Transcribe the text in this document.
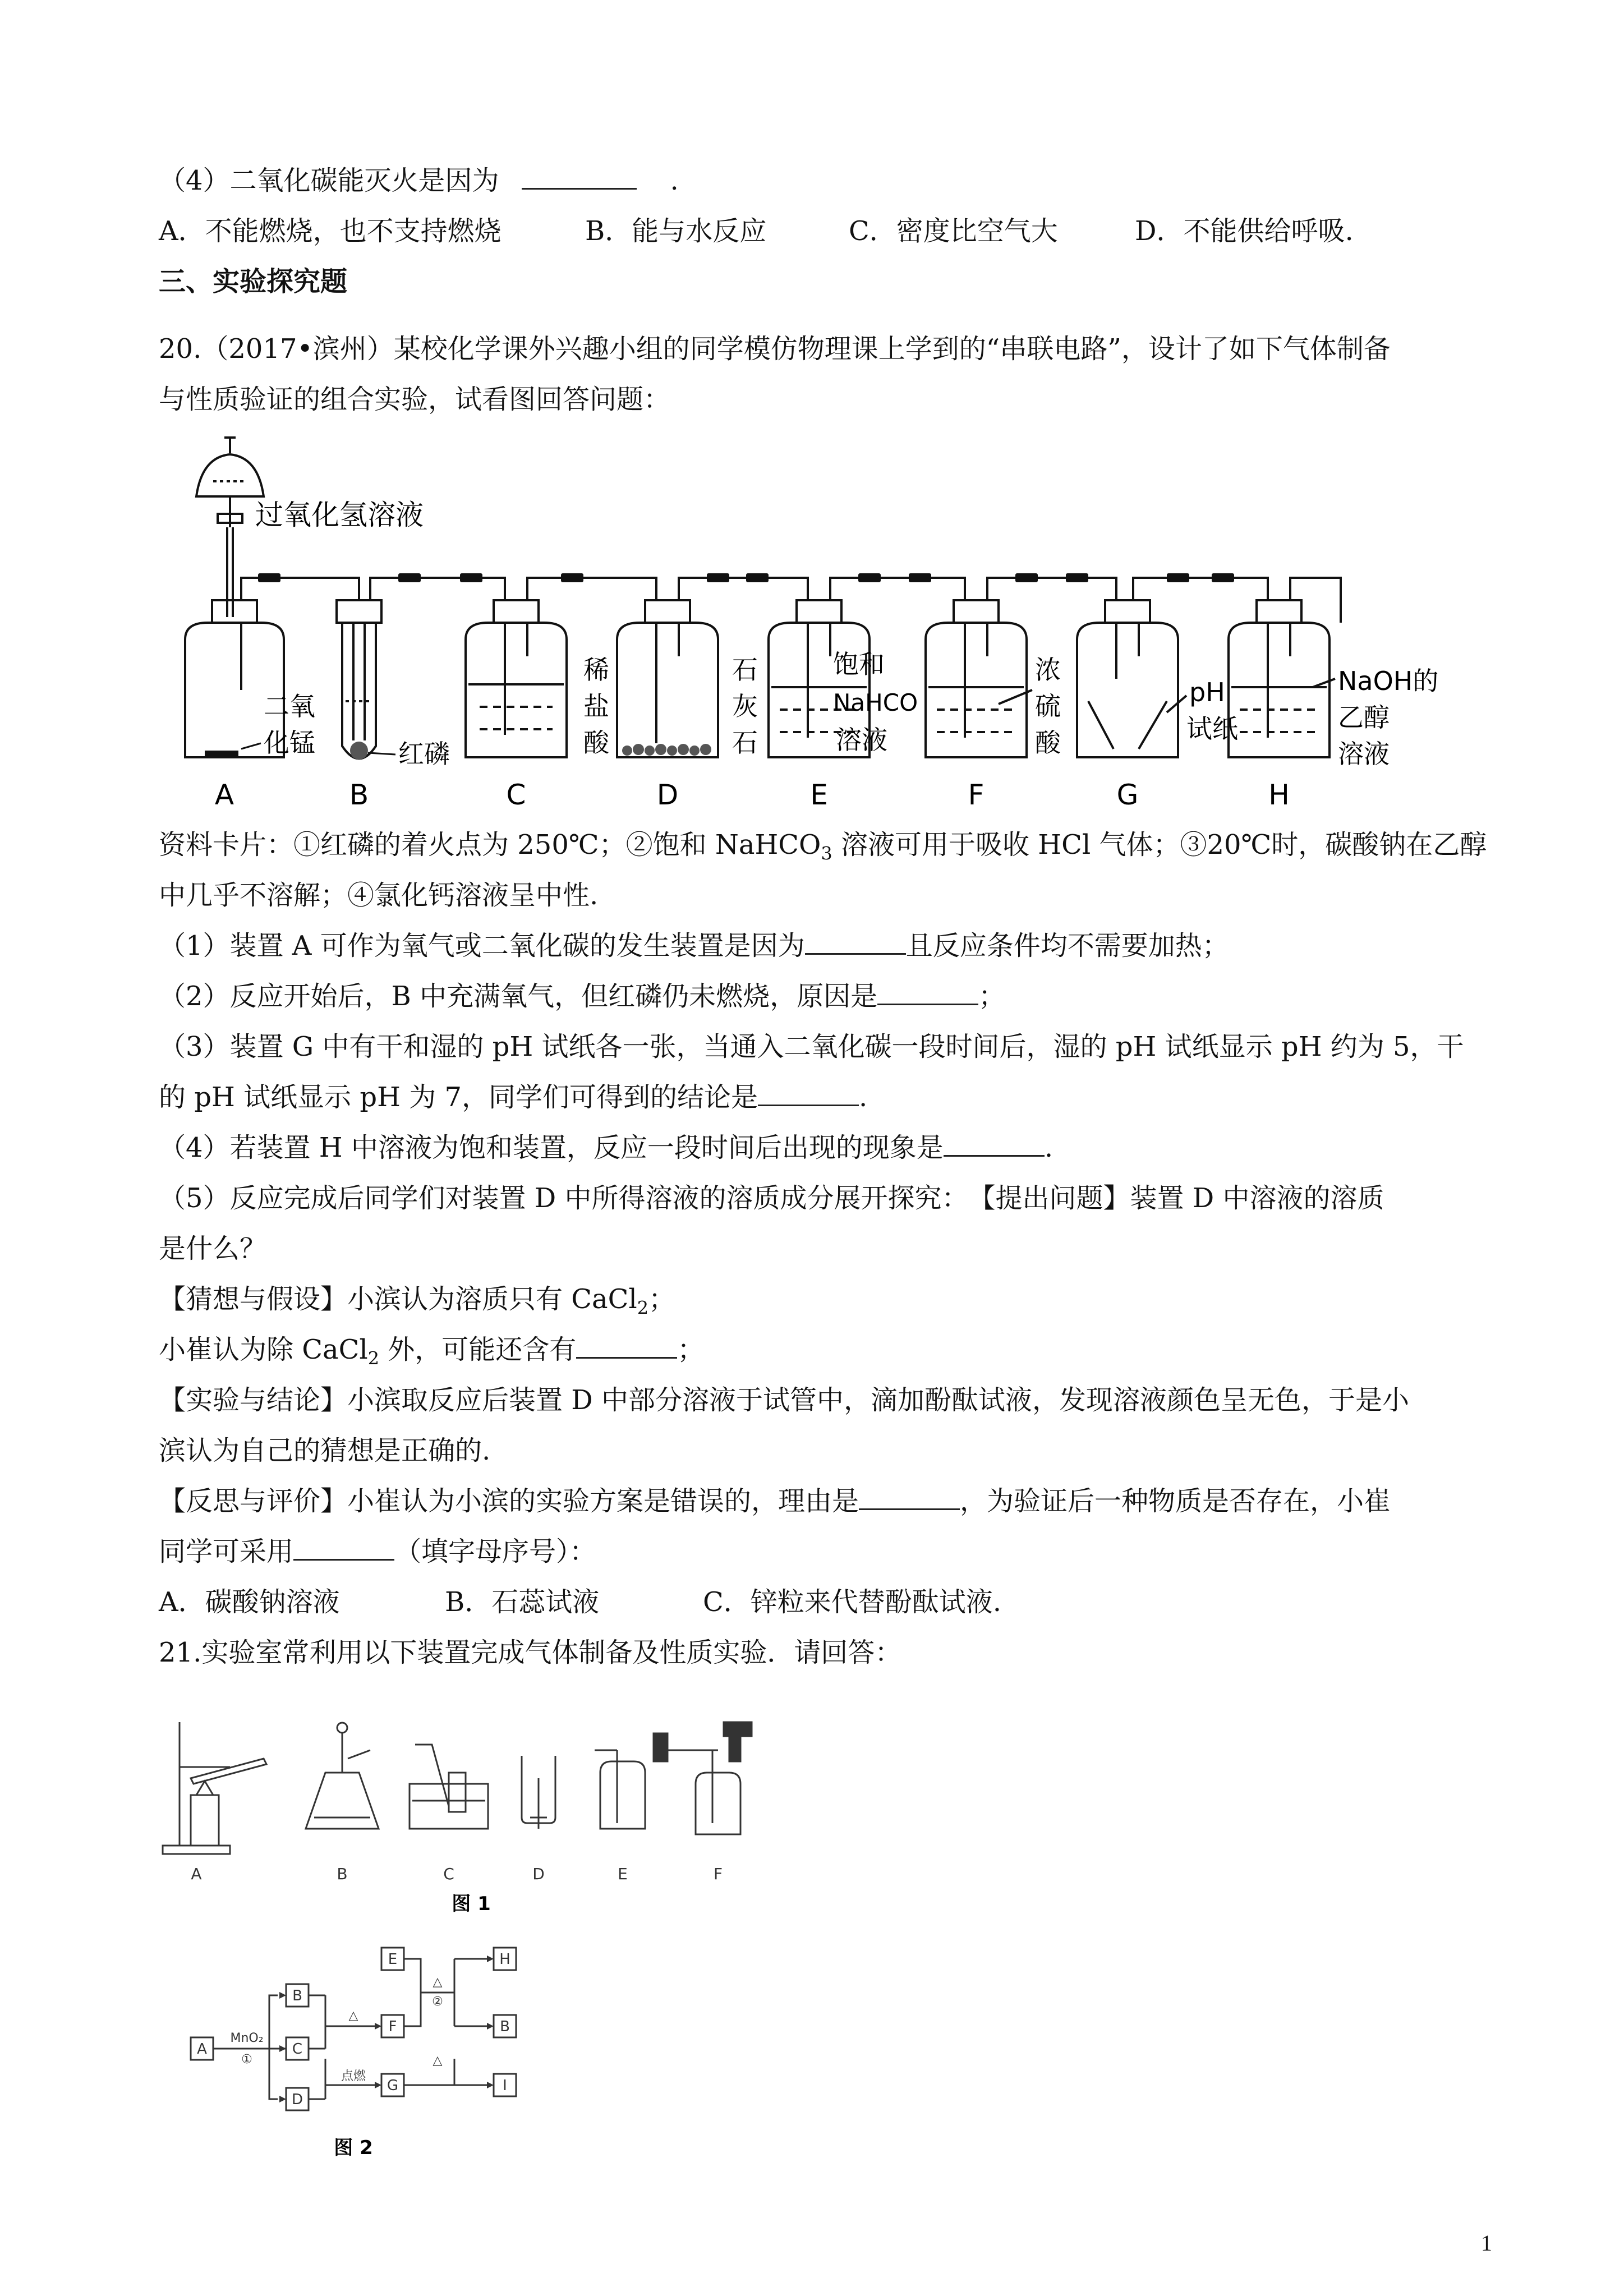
（4）二氧化碳能灭火是因为	.
A．不能燃烧，也不支持燃烧	B．能与水反应	C．密度比空气大	D．不能供给呼吸.
三、实验探究题
20.（2017•滨州）某校化学课外兴趣小组的同学模仿物理课上学到的“串联电路”，设计了如下气体制备
与性质验证的组合实验，试看图回答问题：
A
二氧
化锰
B
红磷
C
稀
盐
酸
D
石
灰
石
E
饱和
NaHCO
溶液
F
浓
硫
酸
G
pH
试纸
H
NaOH的
乙醇
溶液
过氧化氢溶液
资料卡片：①红磷的着火点为 250℃；②饱和 NaHCO$_3$ 溶液可用于吸收 HCl 气体；③20℃时，碳酸钠在乙醇
中几乎不溶解；④氯化钙溶液呈中性.
（1）装置 A 可作为氧气或二氧化碳的发生装置是因为	且反应条件均不需要加热；
（2）反应开始后，B 中充满氧气，但红磷仍未燃烧，原因是	；
（3）装置 G 中有干和湿的 pH 试纸各一张，当通入二氧化碳一段时间后，湿的 pH 试纸显示 pH 约为 5，干
的 pH 试纸显示 pH 为 7，同学们可得到的结论是	.
（4）若装置 H 中溶液为饱和装置，反应一段时间后出现的现象是	.
（5）反应完成后同学们对装置 D 中所得溶液的溶质成分展开探究：　【提出问题】装置 D 中溶液的溶质
是什么？
【猜想与假设】小滨认为溶质只有 CaCl$_2$；
小崔认为除 CaCl$_2$ 外，可能还含有	；
【实验与结论】小滨取反应后装置 D 中部分溶液于试管中，滴加酚酞试液，发现溶液颜色呈无色，于是小
滨认为自己的猜想是正确的.
【反思与评价】小崔认为小滨的实验方案是错误的，理由是	，为验证后一种物质是否存在，小崔
同学可采用	（填字母序号）：
A．碳酸钠溶液	B．石蕊试液	C．锌粒来代替酚酞试液.
21.实验室常利用以下装置完成气体制备及性质实验．请回答：
A	B	C	D	E	F
图 1
A
B
C
D
E
F
G
H
B
I
MnO₂
①
△
点燃
△
②
△
图 2
1
